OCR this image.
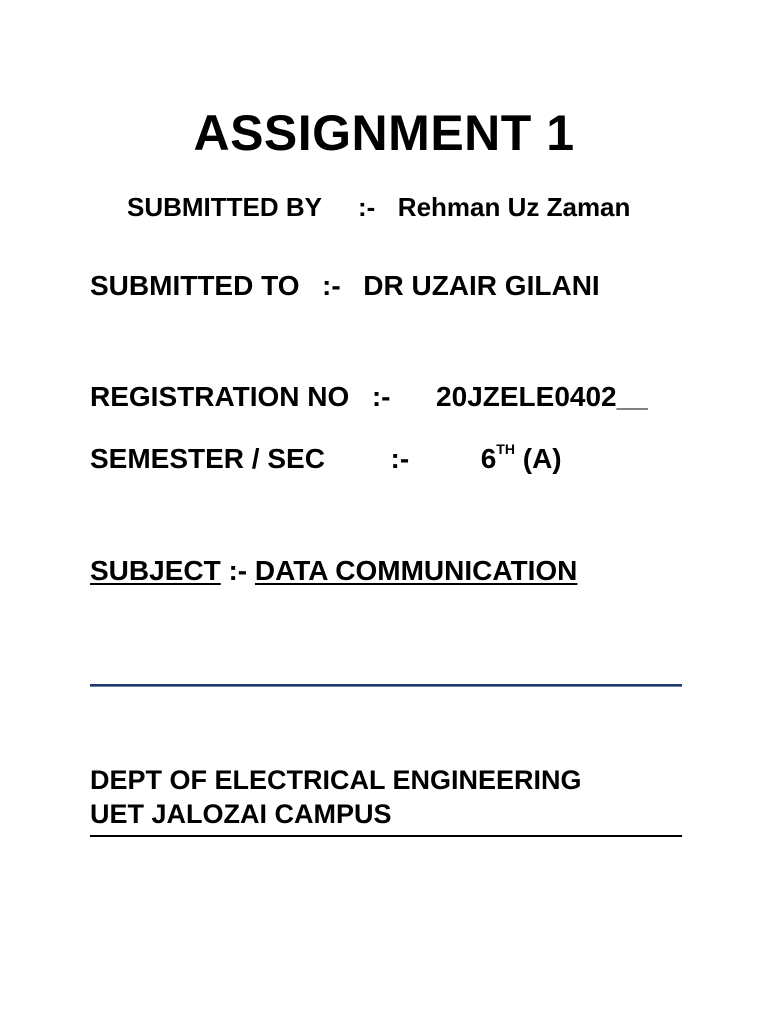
ASSIGNMENT 1
SUBMITTED BY :- Rehman Uz Zaman
SUBMITTED TO :- DR UZAIR GILANI
REGISTRATION NO :- 20JZELE0402__
SEMESTER / SEC :-	6TH (A)
SUBJECT :- DATA COMMUNICATION
DEPT OF ELECTRICAL ENGINEERING
UET JALOZAI CAMPUS
